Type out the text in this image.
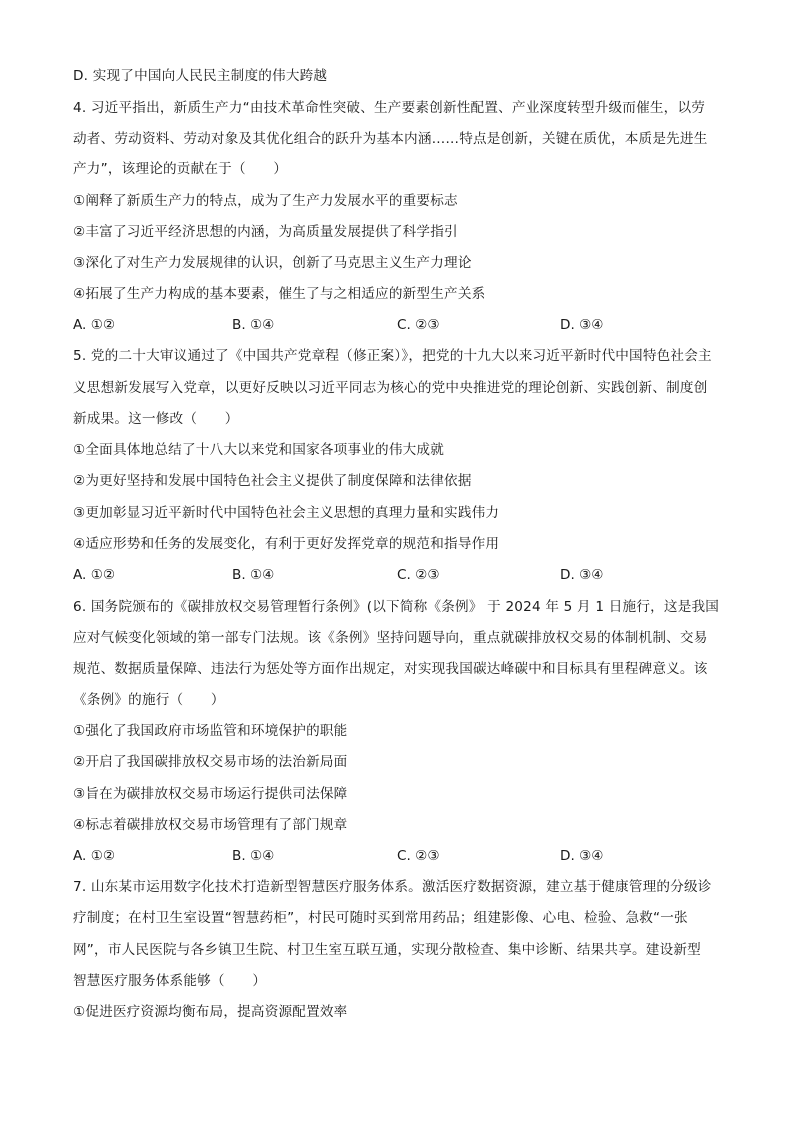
D. 实现了中国向人民民主制度的伟大跨越
4. 习近平指出，新质生产力“由技术革命性突破、生产要素创新性配置、产业深度转型升级而催生，以劳
动者、劳动资料、劳动对象及其优化组合的跃升为基本内涵……特点是创新，关键在质优，本质是先进生
产力”，该理论的贡献在于（　　）
①阐释了新质生产力的特点，成为了生产力发展水平的重要标志
②丰富了习近平经济思想的内涵，为高质量发展提供了科学指引
③深化了对生产力发展规律的认识，创新了马克思主义生产力理论
④拓展了生产力构成的基本要素，催生了与之相适应的新型生产关系
A. ①②	B. ①④	C. ②③	D. ③④
5. 党的二十大审议通过了《中国共产党章程（修正案）》，把党的十九大以来习近平新时代中国特色社会主
义思想新发展写入党章，以更好反映以习近平同志为核心的党中央推进党的理论创新、实践创新、制度创
新成果。这一修改（　　）
①全面具体地总结了十八大以来党和国家各项事业的伟大成就
②为更好坚持和发展中国特色社会主义提供了制度保障和法律依据
③更加彰显习近平新时代中国特色社会主义思想的真理力量和实践伟力
④适应形势和任务的发展变化，有利于更好发挥党章的规范和指导作用
A. ①②	B. ①④	C. ②③	D. ③④
6. 国务院颁布的《碳排放权交易管理暂行条例》(以下简称《条例》 于 2024 年 5 月 1 日施行，这是我国
应对气候变化领域的第一部专门法规。该《条例》坚持问题导向，重点就碳排放权交易的体制机制、交易
规范、数据质量保障、违法行为惩处等方面作出规定，对实现我国碳达峰碳中和目标具有里程碑意义。该
《条例》的施行（　　）
①强化了我国政府市场监管和环境保护的职能
②开启了我国碳排放权交易市场的法治新局面
③旨在为碳排放权交易市场运行提供司法保障
④标志着碳排放权交易市场管理有了部门规章
A. ①②	B. ①④	C. ②③	D. ③④
7. 山东某市运用数字化技术打造新型智慧医疗服务体系。激活医疗数据资源，建立基于健康管理的分级诊
疗制度；在村卫生室设置“智慧药柜”，村民可随时买到常用药品；组建影像、心电、检验、急救“一张
网”，市人民医院与各乡镇卫生院、村卫生室互联互通，实现分散检查、集中诊断、结果共享。建设新型
智慧医疗服务体系能够（　　）
①促进医疗资源均衡布局，提高资源配置效率
